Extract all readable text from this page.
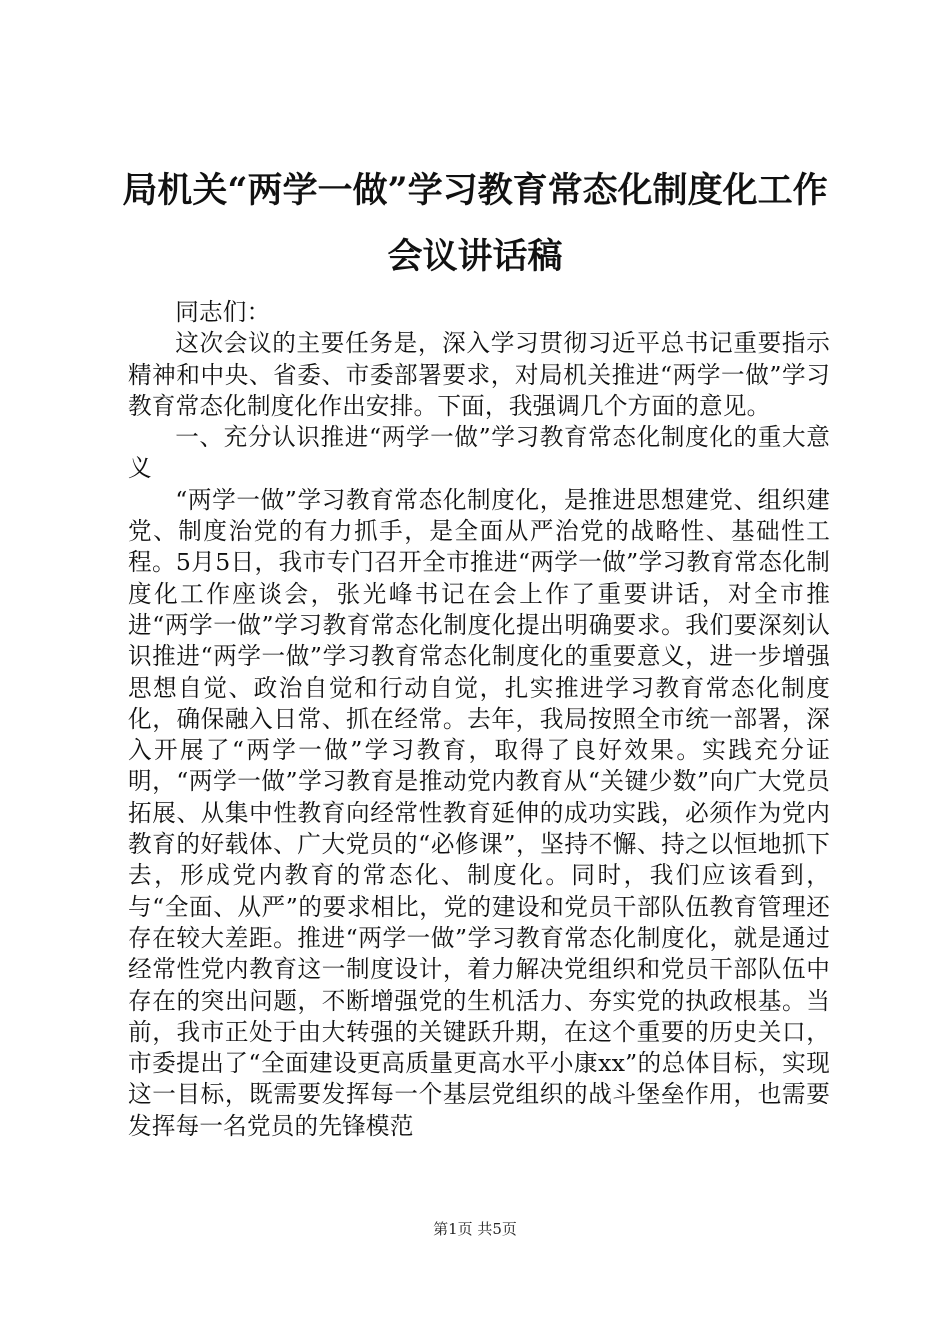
局机关“两学一做”学习教育常态化制度化工作会议讲话稿

同志们：

这次会议的主要任务是，深入学习贯彻习近平总书记重要指示精神和中央、省委、市委部署要求，对局机关推进“两学一做”学习教育常态化制度化作出安排。下面，我强调几个方面的意见。

一、充分认识推进“两学一做”学习教育常态化制度化的重大意义

“两学一做”学习教育常态化制度化，是推进思想建党、组织建党、制度治党的有力抓手，是全面从严治党的战略性、基础性工程。5月5日，我市专门召开全市推进“两学一做”学习教育常态化制度化工作座谈会，张光峰书记在会上作了重要讲话，对全市推进“两学一做”学习教育常态化制度化提出明确要求。我们要深刻认识推进“两学一做”学习教育常态化制度化的重要意义，进一步增强思想自觉、政治自觉和行动自觉，扎实推进学习教育常态化制度化，确保融入日常、抓在经常。去年，我局按照全市统一部署，深入开展了“两学一做”学习教育，取得了良好效果。实践充分证明，“两学一做”学习教育是推动党内教育从“关键少数”向广大党员拓展、从集中性教育向经常性教育延伸的成功实践，必须作为党内教育的好载体、广大党员的“必修课”，坚持不懈、持之以恒地抓下去，形成党内教育的常态化、制度化。同时，我们应该看到，与“全面、从严”的要求相比，党的建设和党员干部队伍教育管理还存在较大差距。推进“两学一做”学习教育常态化制度化，就是通过经常性党内教育这一制度设计，着力解决党组织和党员干部队伍中存在的突出问题，不断增强党的生机活力、夯实党的执政根基。当前，我市正处于由大转强的关键跃升期，在这个重要的历史关口，市委提出了“全面建设更高质量更高水平小康xx”的总体目标，实现这一目标，既需要发挥每一个基层党组织的战斗堡垒作用，也需要发挥每一名党员的先锋模范

第1页 共5页
